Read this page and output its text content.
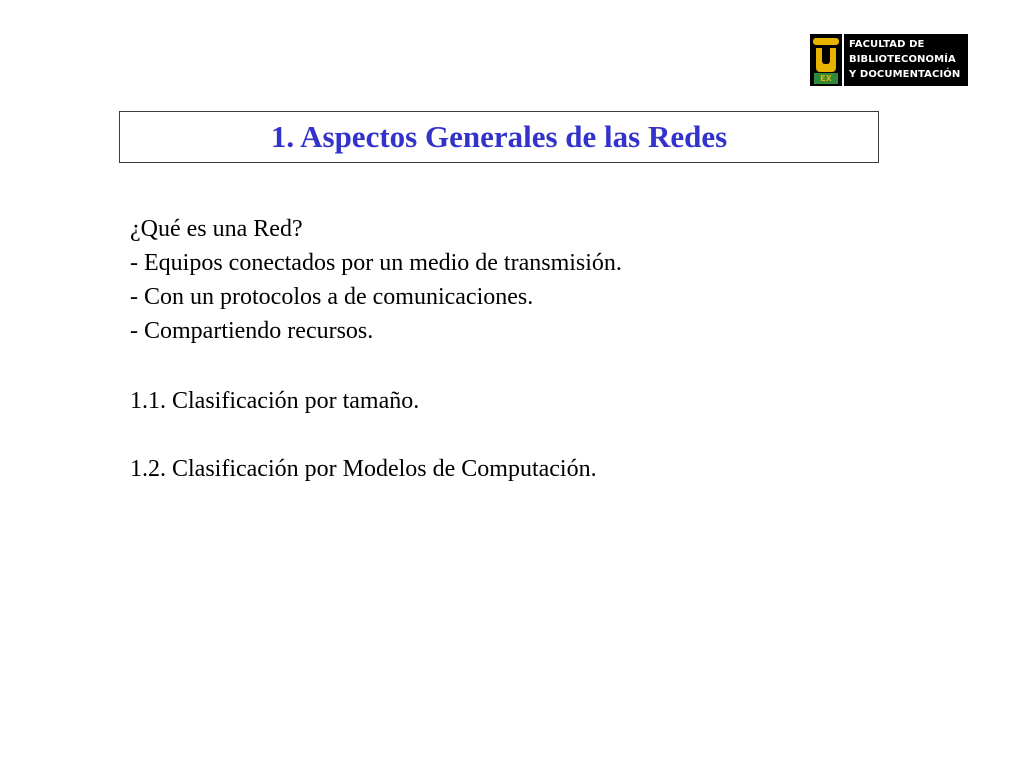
EX
FACULTAD DE
BIBLIOTECONOMÍA
Y DOCUMENTACIÓN
1. Aspectos Generales de las Redes
¿Qué es una Red?
- Equipos conectados por un medio de transmisión.
- Con un protocolos a de comunicaciones.
- Compartiendo recursos.
1.1. Clasificación por tamaño.
1.2. Clasificación por Modelos de Computación.
